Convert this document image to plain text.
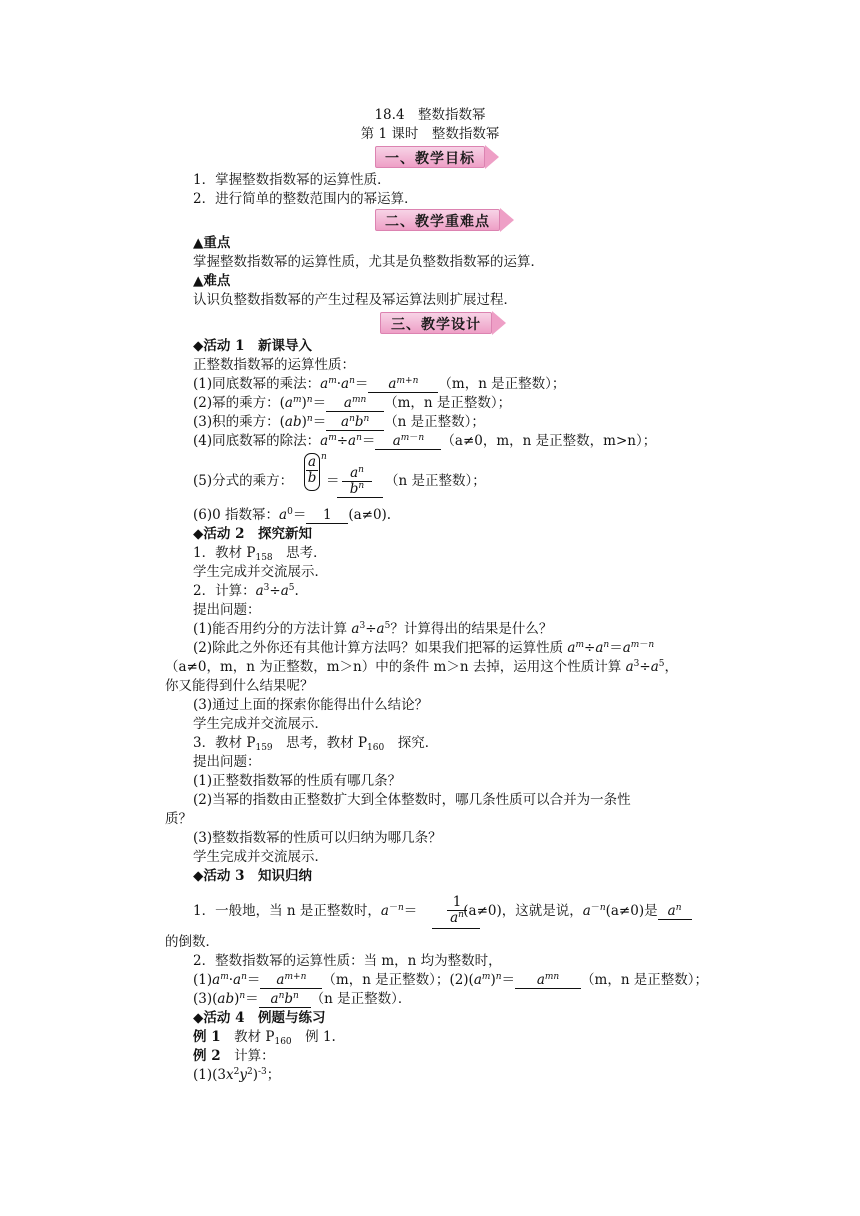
18.4　整数指数幂
第 1 课时　整数指数幂
一、教学目标
1．掌握整数指数幂的运算性质．
2．进行简单的整数范围内的幂运算．
二、教学重难点
▲重点
掌握整数指数幂的运算性质，尤其是负整数指数幂的运算．
▲难点
认识负整数指数幂的产生过程及幂运算法则扩展过程．
三、教学设计
◆活动 1　新课导入
正整数指数幂的运算性质：
(1)同底数幂的乘法：$a^m\cdot a^n= a^{m+n}$ （m，n 是正整数）；
(2)幂的乘方：$(a^m)^n= a^{mn}$ （m，n 是正整数）；
(3)积的乘方：$(ab)^n= a^nb^n$ （n 是正整数）；
(4)同底数幂的除法：$a^m\div a^n= a^{m-n}$ （a≠0，m，n 是正整数，m>n）；
(5)分式的乘方： $\frac{a}{b}$ n
＝ $\frac{a^n}{b^n} (n$ 是正整数）；
(6)0 指数幂：$a^0= 1$ (a≠0).
◆活动 2　探究新知
1．教材 $P_{158}$　思考．
学生完成并交流展示．
2．计算：$a^3\div a^5$.
提出问题：
(1)能否用约分的方法计算 $a^3\div a^5$？计算得出的结果是什么？
(2)除此之外你还有其他计算方法吗？如果我们把幂的运算性质 $a^m\div a^n=a^{m-n}$
（a≠0，m，n 为正整数，m＞n）中的条件 m＞n 去掉，运用这个性质计算 $a^3\div a^5$，
你又能得到什么结果呢？
(3)通过上面的探索你能得出什么结论？
学生完成并交流展示．
3．教材 $P_{159}$　思考，教材 $P_{160}$　探究．
提出问题：
(1)正整数指数幂的性质有哪几条？
(2)当幂的指数由正整数扩大到全体整数时，哪几条性质可以合并为一条性
质？
(3)整数指数幂的性质可以归纳为哪几条？
学生完成并交流展示．
◆活动 3　知识归纳
1．一般地，当 n 是正整数时，$a^{-n}=$	(a≠0)，这就是说，$a^{-n}(a\ne 0)$是 $a^n$
$\frac{1}{a^n}$
的倒数．
2．整数指数幂的运算性质：当 m，n 均为整数时，
$(1)a^m\cdot a^n= a^{m+n}$ （m，n 是正整数）；$(2)(a^m)^n= a^{mn}$ （m，n 是正整数）；
$(3)(ab)^n= a^nb^n$ （n 是正整数）．
◆活动 4　例题与练习
例 1　教材 $P_{160}$　例 1.
例 2　计算：
$(1)(3x^2y^2)^{-3}$；
